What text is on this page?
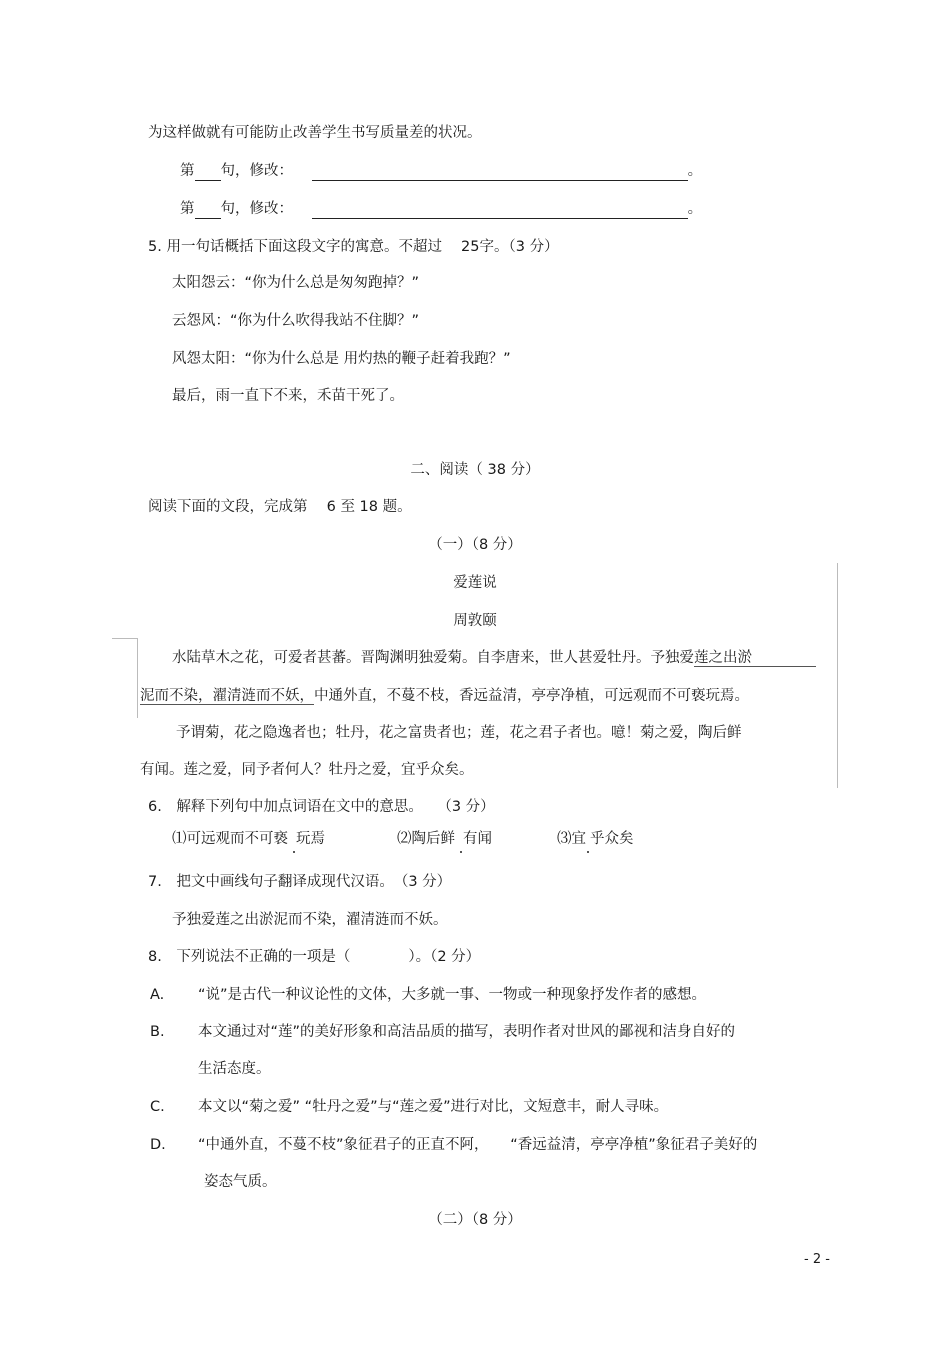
为这样做就有可能防止改善学生书写质量差的状况。
第 句，修改：	。
第 句，修改：	。
5. 用一句话概括下面这段文字的寓意。不超过　 25字。（3 分）
太阳怨云：“你为什么总是匆匆跑掉？”
云怨风：“你为什么吹得我站不住脚？”
风怨太阳：“你为什么总是 用灼热的鞭子赶着我跑？”
最后，雨一直下不来，禾苗干死了。
二、阅读（ 38 分）
阅读下面的文段，完成第　 6 至 18 题。
（一）（8 分）
爱莲说
周敦颐
水陆草木之花，可爱者甚蕃。晋陶渊明独爱菊。自李唐来，世人甚爱牡丹。予独爱莲之出淤
泥而不染，濯清涟而不妖，中通外直，不蔓不枝，香远益清，亭亭净植，可远观而不可亵玩焉。
予谓菊，花之隐逸者也；牡丹，花之富贵者也；莲，花之君子者也。噫！菊之爱，陶后鲜
有闻。莲之爱，同予者何人？牡丹之爱，宜乎众矣。
6.　解释下列句中加点词语在文中的意思。　　（3 分）
⑴可远观而不可亵 玩焉	⑵陶后鲜 有闻	⑶宜 乎众矣
7.　把文中画线句子翻译成现代汉语。　（3 分）
予独爱莲之出淤泥而不染，濯清涟而不妖。
8.　下列说法不正确的一项是（　　　　）。（2 分）
A. “说”是古代一种议论性的文体，大多就一事、一物或一种现象抒发作者的感想。
B. 本文通过对“莲”的美好形象和高洁品质的描写，表明作者对世风的鄙视和洁身自好的
生活态度。
C. 本文以“菊之爱” “牡丹之爱”与“莲之爱”进行对比，文短意丰，耐人寻味。
D. “中通外直，不蔓不枝”象征君子的正直不阿，　　“香远益清，亭亭净植”象征君子美好的
姿态气质。
（二）（8 分）
- 2 -
